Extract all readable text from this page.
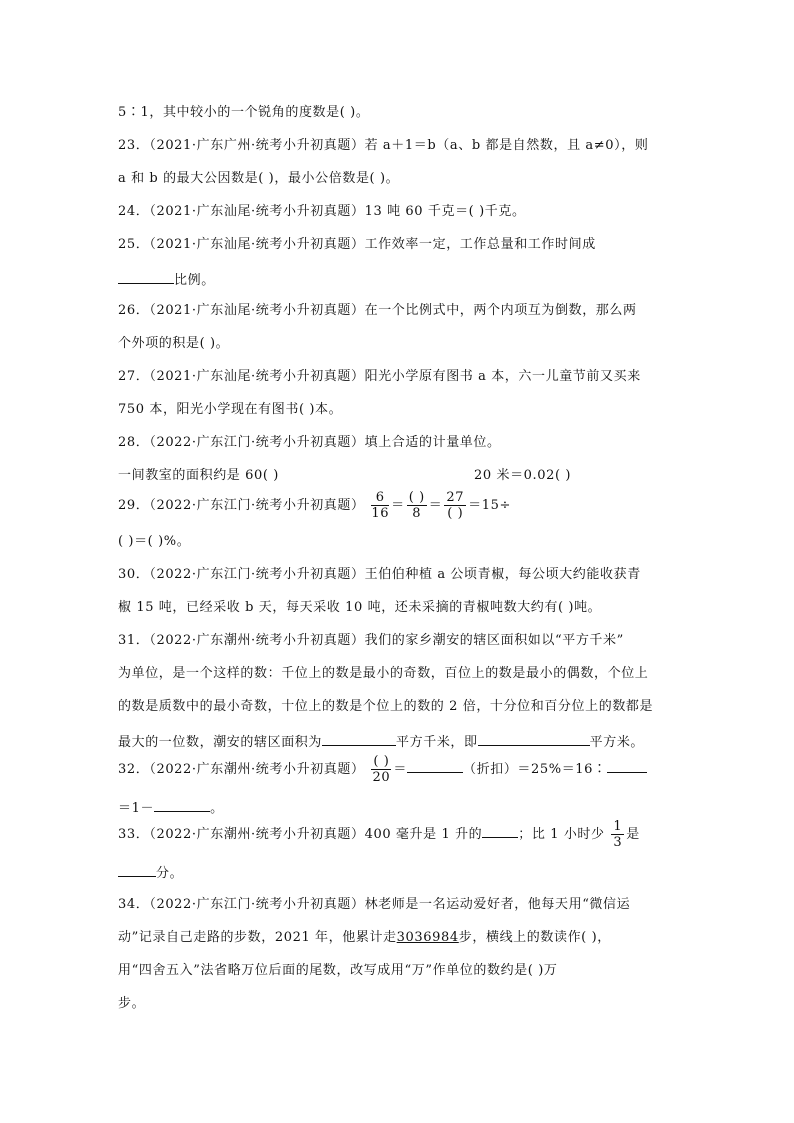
5∶1，其中较小的一个锐角的度数是( )。
23．（2021·广东广州·统考小升初真题）若 a＋1＝b（a、b 都是自然数，且 a≠0），则
a 和 b 的最大公因数是( )，最小公倍数是( )。
24．（2021·广东汕尾·统考小升初真题）13 吨 60 千克＝( )千克。
25．（2021·广东汕尾·统考小升初真题）工作效率一定，工作总量和工作时间成
比例。
26．（2021·广东汕尾·统考小升初真题）在一个比例式中，两个内项互为倒数，那么两
个外项的积是( )。
27．（2021·广东汕尾·统考小升初真题）阳光小学原有图书 a 本，六一儿童节前又买来
750 本，阳光小学现在有图书( )本。
28．（2022·广东江门·统考小升初真题）填上合适的计量单位。
一间教室的面积约是 60( )	20 米＝0.02( )
29．（2022·广东江门·统考小升初真题） $\frac{6}{16} = \frac{( )}{8} = \frac{27}{( )} =15\div$
( )＝( )%。
30．（2022·广东江门·统考小升初真题）王伯伯种植 a 公顷青椒，每公顷大约能收获青
椒 15 吨，已经采收 b 天，每天采收 10 吨，还未采摘的青椒吨数大约有( )吨。
31．（2022·广东潮州·统考小升初真题）我们的家乡潮安的辖区面积如以“平方千米”
为单位，是一个这样的数：千位上的数是最小的奇数，百位上的数是最小的偶数，个位上
的数是质数中的最小奇数，十位上的数是个位上的数的 2 倍，十分位和百分位上的数都是
最大的一位数，潮安的辖区面积为	平方千米，即	平方米。
32．（2022·广东潮州·统考小升初真题） $\frac{( )}{20}$ ＝	（折扣）＝25%＝16∶
＝1－	。
33．（2022·广东潮州·统考小升初真题）400 毫升是 1 升的	；比 1 小时少 $\frac{1}{3}$ 是
分。
34．（2022·广东江门·统考小升初真题）林老师是一名运动爱好者，他每天用“微信运
动”记录自己走路的步数，2021 年，他累计走3036984步，横线上的数读作( )，
用“四舍五入”法省略万位后面的尾数，改写成用“万”作单位的数约是( )万
步。
